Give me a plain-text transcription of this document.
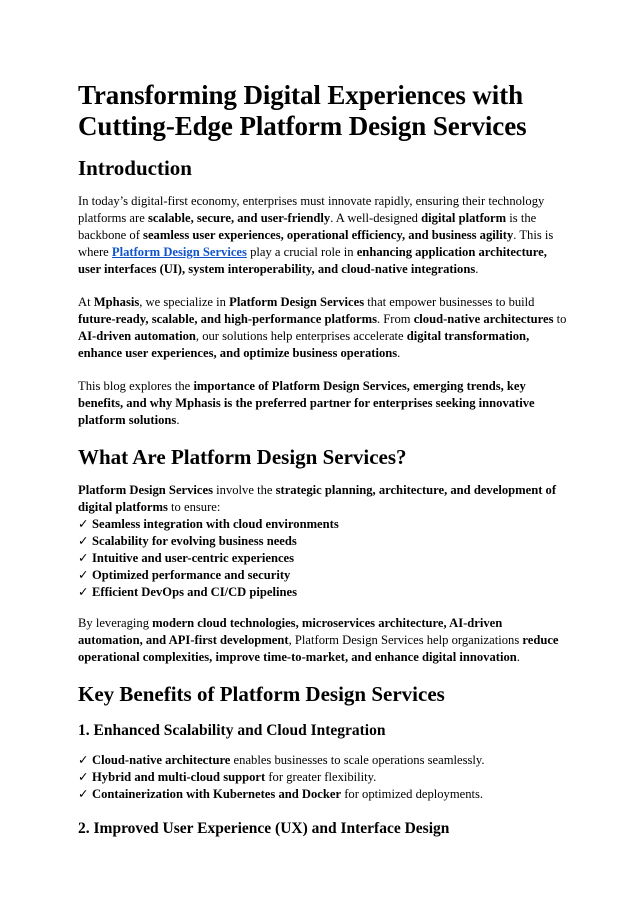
Transforming Digital Experiences with Cutting-Edge Platform Design Services
Introduction

In today’s digital-first economy, enterprises must innovate rapidly, ensuring their technology platforms are scalable, secure, and user-friendly. A well-designed digital platform is the backbone of seamless user experiences, operational efficiency, and business agility. This is where Platform Design Services play a crucial role in enhancing application architecture, user interfaces (UI), system interoperability, and cloud-native integrations.

At Mphasis, we specialize in Platform Design Services that empower businesses to build future-ready, scalable, and high-performance platforms. From cloud-native architectures to AI-driven automation, our solutions help enterprises accelerate digital transformation, enhance user experiences, and optimize business operations.

This blog explores the importance of Platform Design Services, emerging trends, key benefits, and why Mphasis is the preferred partner for enterprises seeking innovative platform solutions.

What Are Platform Design Services?

Platform Design Services involve the strategic planning, architecture, and development of digital platforms to ensure:

✓ Seamless integration with cloud environments
✓ Scalability for evolving business needs
✓ Intuitive and user-centric experiences
✓ Optimized performance and security
✓ Efficient DevOps and CI/CD pipelines

By leveraging modern cloud technologies, microservices architecture, AI-driven automation, and API-first development, Platform Design Services help organizations reduce operational complexities, improve time-to-market, and enhance digital innovation.

Key Benefits of Platform Design Services
1. Enhanced Scalability and Cloud Integration
✓ Cloud-native architecture enables businesses to scale operations seamlessly.
✓ Hybrid and multi-cloud support for greater flexibility.
✓ Containerization with Kubernetes and Docker for optimized deployments.
2. Improved User Experience (UX) and Interface Design
